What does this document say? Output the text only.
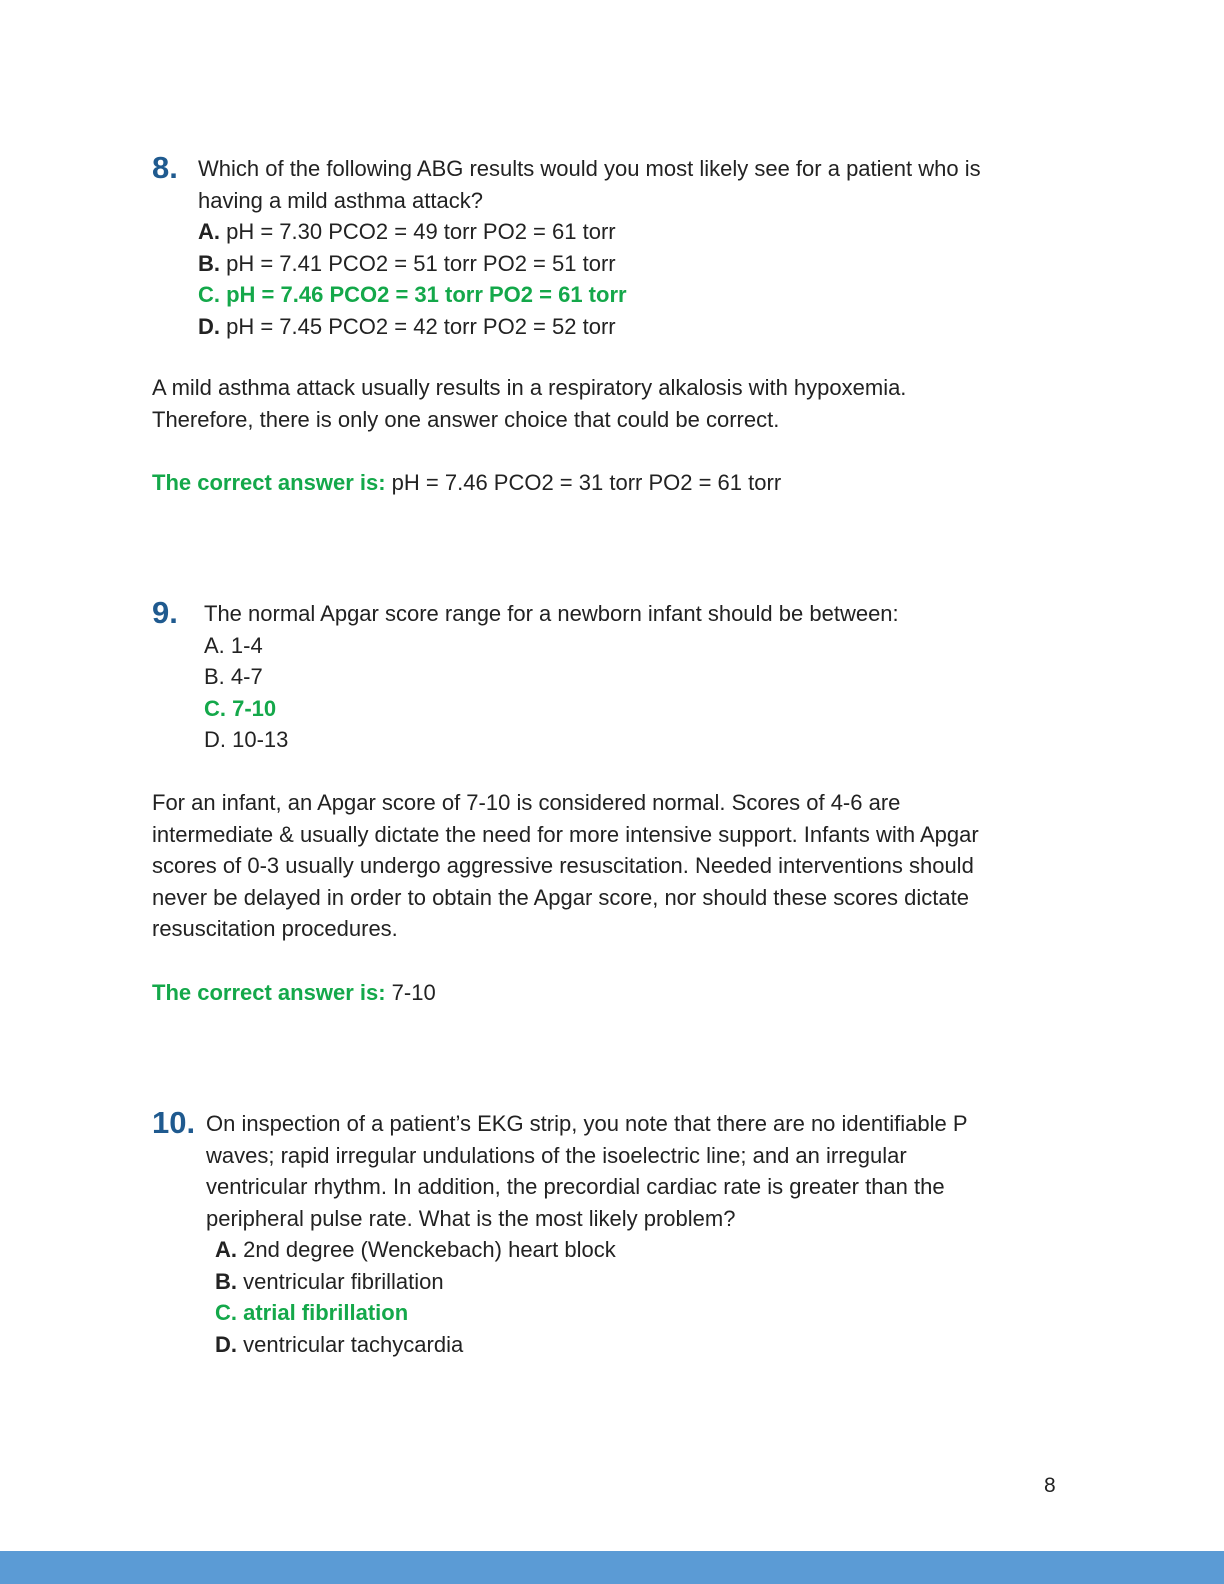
8. Which of the following ABG results would you most likely see for a patient who is
having a mild asthma attack?
A. pH = 7.30 PCO2 = 49 torr PO2 = 61 torr
B. pH = 7.41 PCO2 = 51 torr PO2 = 51 torr
C. pH = 7.46 PCO2 = 31 torr PO2 = 61 torr
D. pH = 7.45 PCO2 = 42 torr PO2 = 52 torr
A mild asthma attack usually results in a respiratory alkalosis with hypoxemia.
Therefore, there is only one answer choice that could be correct.
The correct answer is: pH = 7.46 PCO2 = 31 torr PO2 = 61 torr
9. The normal Apgar score range for a newborn infant should be between:
A. 1-4
B. 4-7
C. 7-10
D. 10-13
For an infant, an Apgar score of 7-10 is considered normal. Scores of 4-6 are
intermediate & usually dictate the need for more intensive support. Infants with Apgar
scores of 0-3 usually undergo aggressive resuscitation. Needed interventions should
never be delayed in order to obtain the Apgar score, nor should these scores dictate
resuscitation procedures.
The correct answer is: 7-10
10. On inspection of a patient’s EKG strip, you note that there are no identifiable P
waves; rapid irregular undulations of the isoelectric line; and an irregular
ventricular rhythm. In addition, the precordial cardiac rate is greater than the
peripheral pulse rate. What is the most likely problem?
A. 2nd degree (Wenckebach) heart block
B. ventricular fibrillation
C. atrial fibrillation
D. ventricular tachycardia
8
